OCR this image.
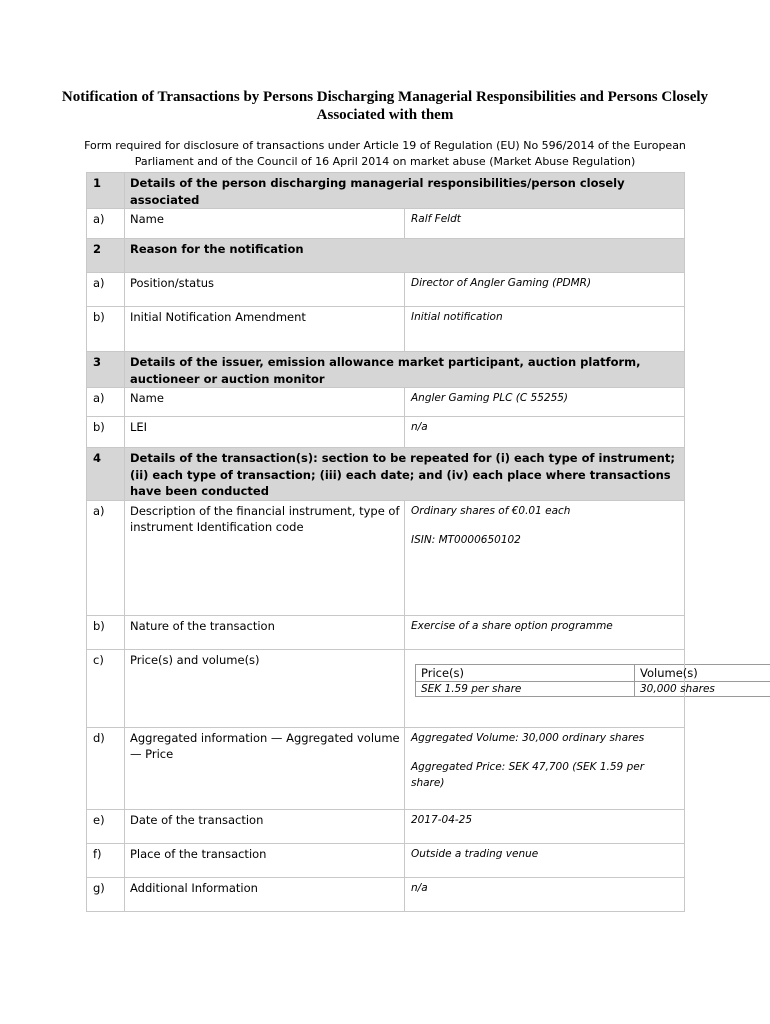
Notification of Transactions by Persons Discharging Managerial Responsibilities and Persons Closely Associated with them
Form required for disclosure of transactions under Article 19 of Regulation (EU) No 596/2014 of the European Parliament and of the Council of 16 April 2014 on market abuse (Market Abuse Regulation)
1	Details of the person discharging managerial responsibilities/person closely associated
a)	Name	Ralf Feldt
2	Reason for the notification
a)	Position/status	Director of Angler Gaming (PDMR)
b)	Initial Notification Amendment	Initial notification
3	Details of the issuer, emission allowance market participant, auction platform, auctioneer or auction monitor
a)	Name	Angler Gaming PLC (C 55255)
b)	LEI	n/a
4	Details of the transaction(s): section to be repeated for (i) each type of instrument; (ii) each type of transaction; (iii) each date; and (iv) each place where transactions have been conducted
a)	Description of the financial instrument, type of instrument Identification code	Ordinary shares of €0.01 each
ISIN: MT0000650102
b)	Nature of the transaction	Exercise of a share option programme
c)	Price(s) and volume(s)	
Price(s)	Volume(s)
SEK 1.59 per share	30,000 shares

d)	Aggregated information — Aggregated volume — Price	Aggregated Volume: 30,000 ordinary shares
Aggregated Price: SEK 47,700 (SEK 1.59 per share)
e)	Date of the transaction	2017-04-25
f)	Place of the transaction	Outside a trading venue
g)	Additional Information	n/a
